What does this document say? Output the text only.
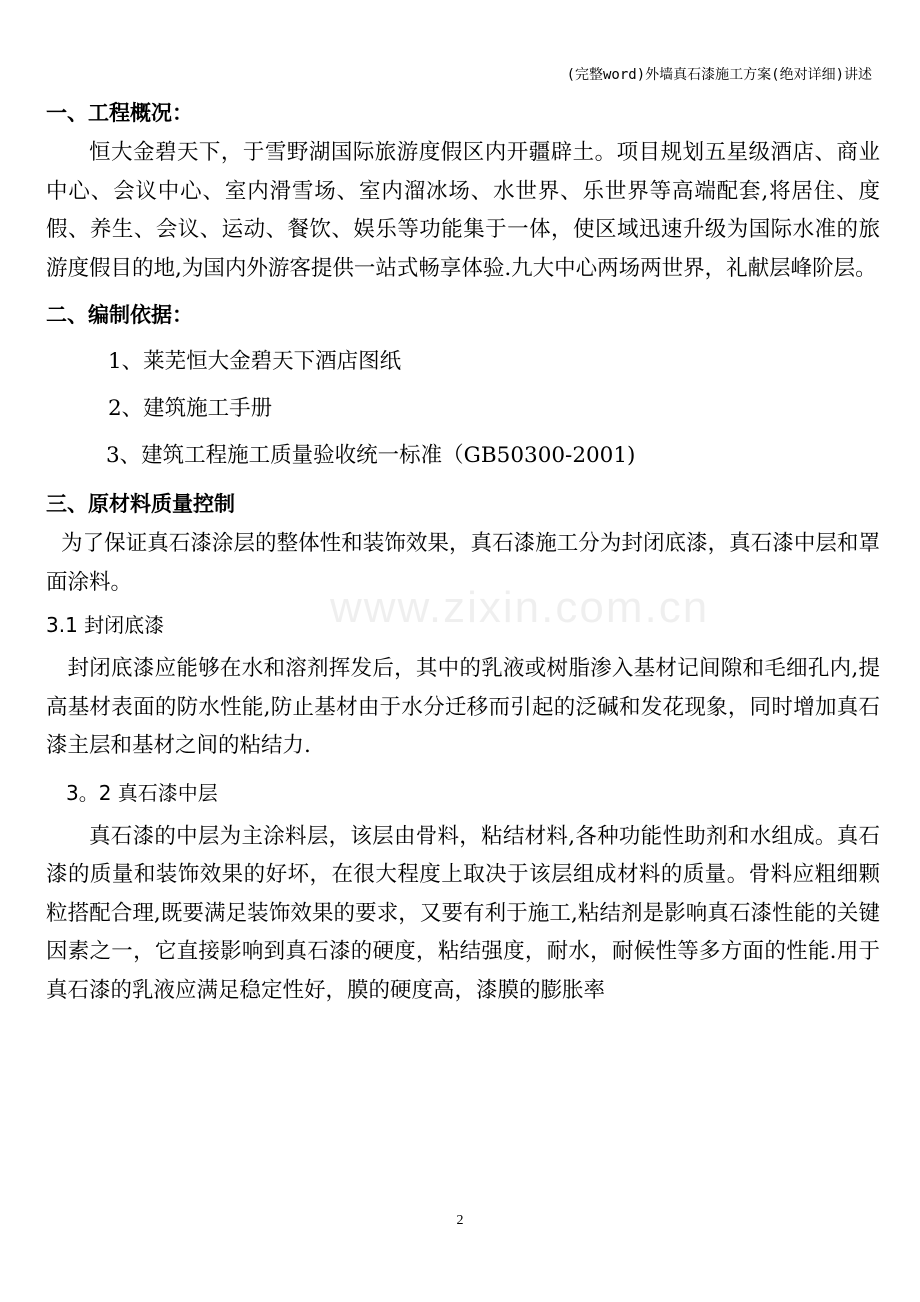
(完整word)外墙真石漆施工方案(绝对详细)讲述
www.zixin.com.cn

一、工程概况：

恒大金碧天下，于雪野湖国际旅游度假区内开疆辟土。项目规划五星级酒店、商业中心、会议中心、室内滑雪场、室内溜冰场、水世界、乐世界等高端配套,将居住、度假、养生、会议、运动、餐饮、娱乐等功能集于一体，使区域迅速升级为国际水准的旅游度假目的地,为国内外游客提供一站式畅享体验.九大中心两场两世界，礼献层峰阶层。

二、编制依据：

1、莱芜恒大金碧天下酒店图纸

2、建筑施工手册

3、建筑工程施工质量验收统一标准（GB50300-2001)

三、原材料质量控制

为了保证真石漆涂层的整体性和装饰效果，真石漆施工分为封闭底漆，真石漆中层和罩面涂料。

3.1 封闭底漆

封闭底漆应能够在水和溶剂挥发后，其中的乳液或树脂渗入基材记间隙和毛细孔内,提高基材表面的防水性能,防止基材由于水分迁移而引起的泛碱和发花现象，同时增加真石漆主层和基材之间的粘结力.

3。2 真石漆中层

真石漆的中层为主涂料层，该层由骨料，粘结材料,各种功能性助剂和水组成。真石漆的质量和装饰效果的好坏，在很大程度上取决于该层组成材料的质量。骨料应粗细颗粒搭配合理,既要满足装饰效果的要求，又要有利于施工,粘结剂是影响真石漆性能的关键因素之一，它直接影响到真石漆的硬度，粘结强度，耐水，耐候性等多方面的性能.用于真石漆的乳液应满足稳定性好，膜的硬度高，漆膜的膨胀率

2
